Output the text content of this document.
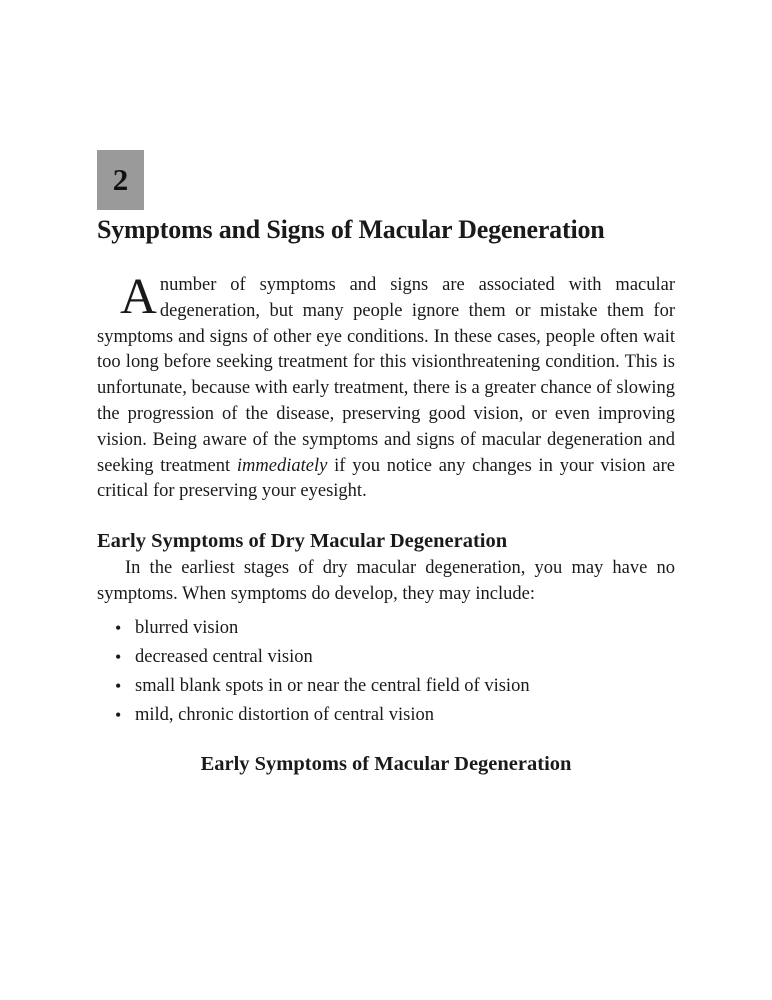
2
Symptoms and Signs of Macular Degeneration

A number of symptoms and signs are associated with macular degeneration, but many people ignore them or mistake them for symptoms and signs of other eye conditions. In these cases, people often wait too long before seeking treatment for this visionthreatening condition. This is unfortunate, because with early treatment, there is a greater chance of slowing the progression of the disease, preserving good vision, or even improving vision. Being aware of the symptoms and signs of macular degeneration and seeking treatment immediately if you notice any changes in your vision are critical for preserving your eyesight.

Early Symptoms of Dry Macular Degeneration

In the earliest stages of dry macular degeneration, you may have no symptoms. When symptoms do develop, they may include:

• blurred vision
• decreased central vision
• small blank spots in or near the central field of vision
• mild, chronic distortion of central vision
Early Symptoms of Macular Degeneration
